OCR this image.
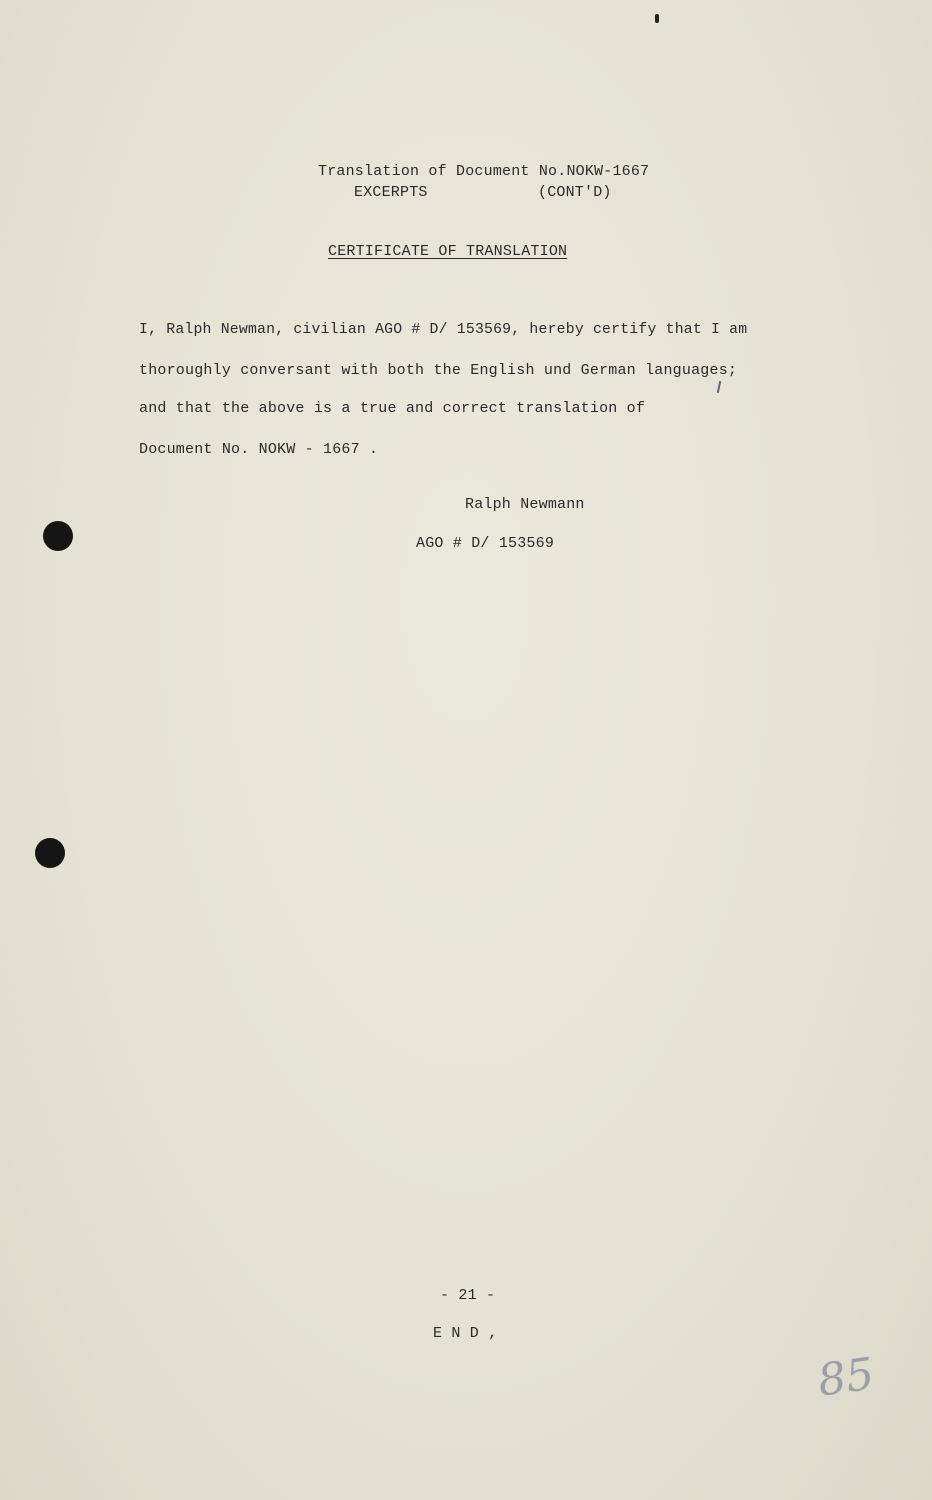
Translation of Document No.NOKW-1667
EXCERPTS	(CONT'D)
CERTIFICATE OF TRANSLATION
I, Ralph Newman, civilian AGO # D/ 153569, hereby certify that I am
thoroughly conversant with both the English und German languages;
and that the above is a true and correct translation of
Document No. NOKW - 1667 .
Ralph Newmann
AGO # D/ 153569
- 21 -
E N D ,
85
